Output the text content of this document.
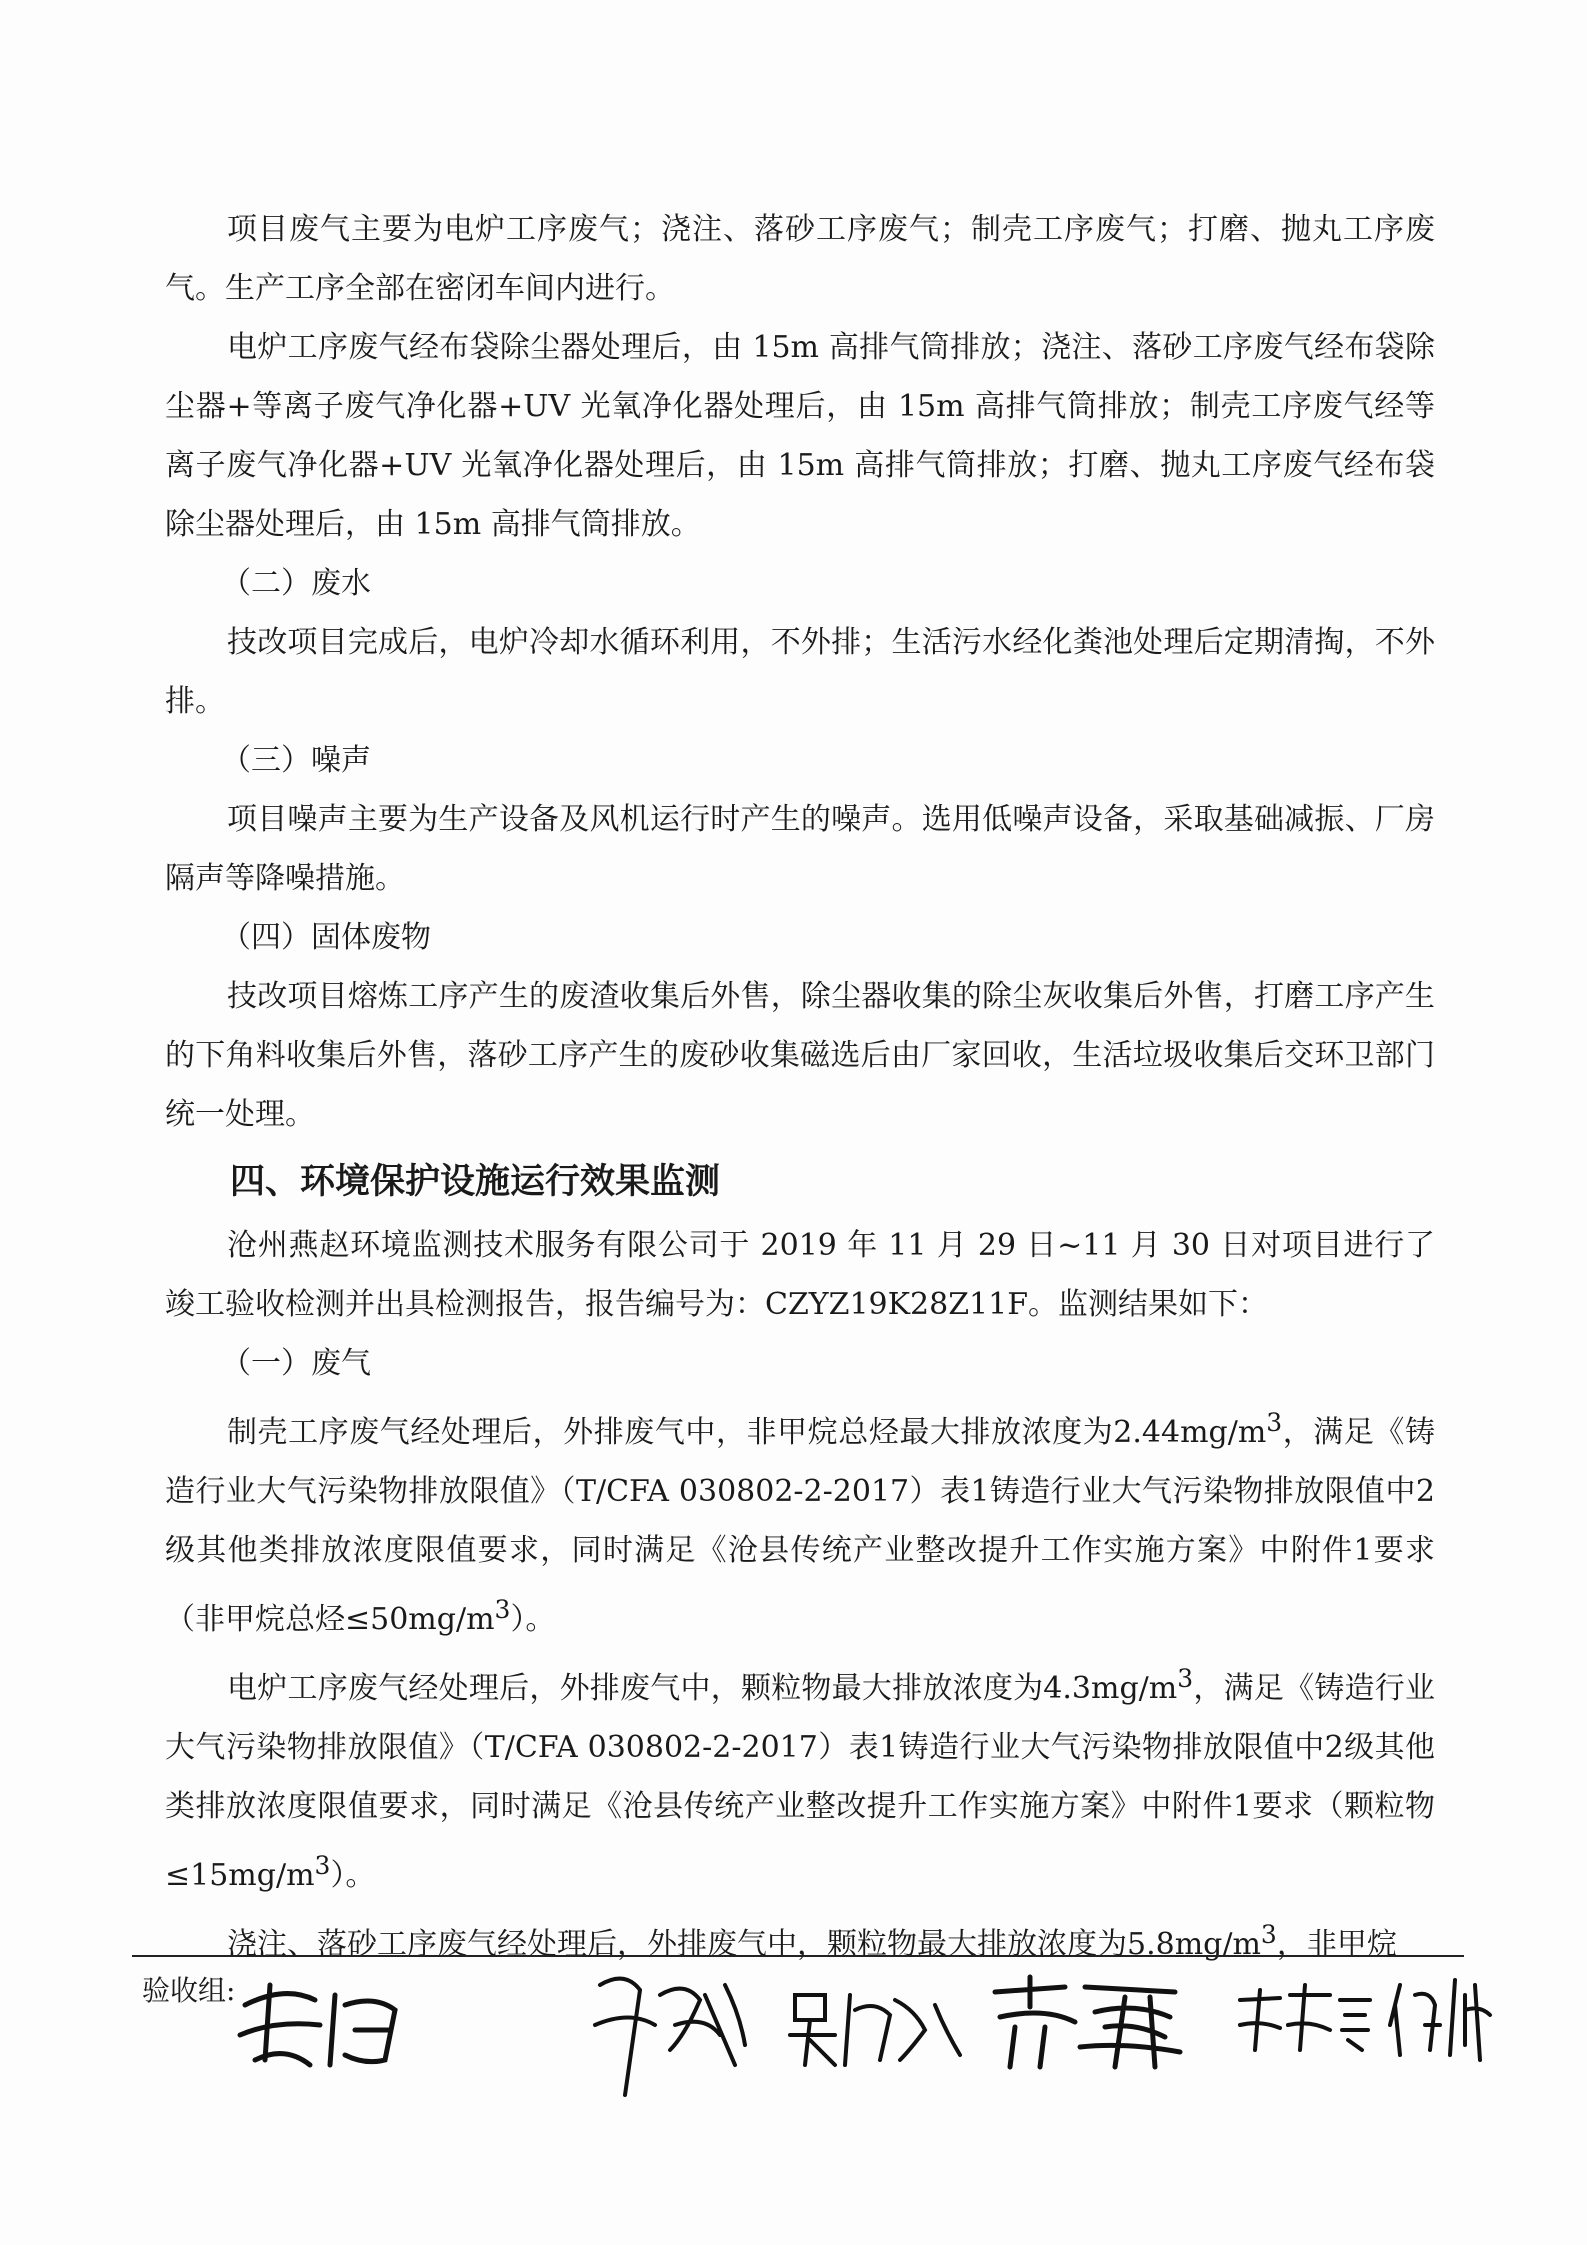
项目废气主要为电炉工序废气；浇注、落砂工序废气；制壳工序废气；打磨、抛丸工序废气。生产工序全部在密闭车间内进行。

电炉工序废气经布袋除尘器处理后，由 15m 高排气筒排放；浇注、落砂工序废气经布袋除尘器+等离子废气净化器+UV 光氧净化器处理后，由 15m 高排气筒排放；制壳工序废气经等离子废气净化器+UV 光氧净化器处理后，由 15m 高排气筒排放；打磨、抛丸工序废气经布袋除尘器处理后，由 15m 高排气筒排放。

（二）废水

技改项目完成后，电炉冷却水循环利用，不外排；生活污水经化粪池处理后定期清掏，不外排。

（三）噪声

项目噪声主要为生产设备及风机运行时产生的噪声。选用低噪声设备，采取基础减振、厂房隔声等降噪措施。

（四）固体废物

技改项目熔炼工序产生的废渣收集后外售，除尘器收集的除尘灰收集后外售，打磨工序产生的下角料收集后外售，落砂工序产生的废砂收集磁选后由厂家回收，生活垃圾收集后交环卫部门统一处理。

四、环境保护设施运行效果监测

沧州燕赵环境监测技术服务有限公司于 2019 年 11 月 29 日~11 月 30 日对项目进行了竣工验收检测并出具检测报告，报告编号为：CZYZ19K28Z11F。监测结果如下：

（一）废气

制壳工序废气经处理后，外排废气中，非甲烷总烃最大排放浓度为$2.44mg/m^3$，满足《铸造行业大气污染物排放限值》（T/CFA 030802-2-2017）表1铸造行业大气污染物排放限值中2级其他类排放浓度限值要求，同时满足《沧县传统产业整改提升工作实施方案》中附件1要求（非甲烷总烃$\le 50mg/m^3$）。

电炉工序废气经处理后，外排废气中，颗粒物最大排放浓度为$4.3mg/m^3$，满足《铸造行业大气污染物排放限值》（T/CFA 030802-2-2017）表1铸造行业大气污染物排放限值中2级其他类排放浓度限值要求，同时满足《沧县传统产业整改提升工作实施方案》中附件1要求（颗粒物$\le 15mg/m^3$）。

浇注、落砂工序废气经处理后，外排废气中，颗粒物最大排放浓度为$5.8mg/m^3$，非甲烷

验收组:
